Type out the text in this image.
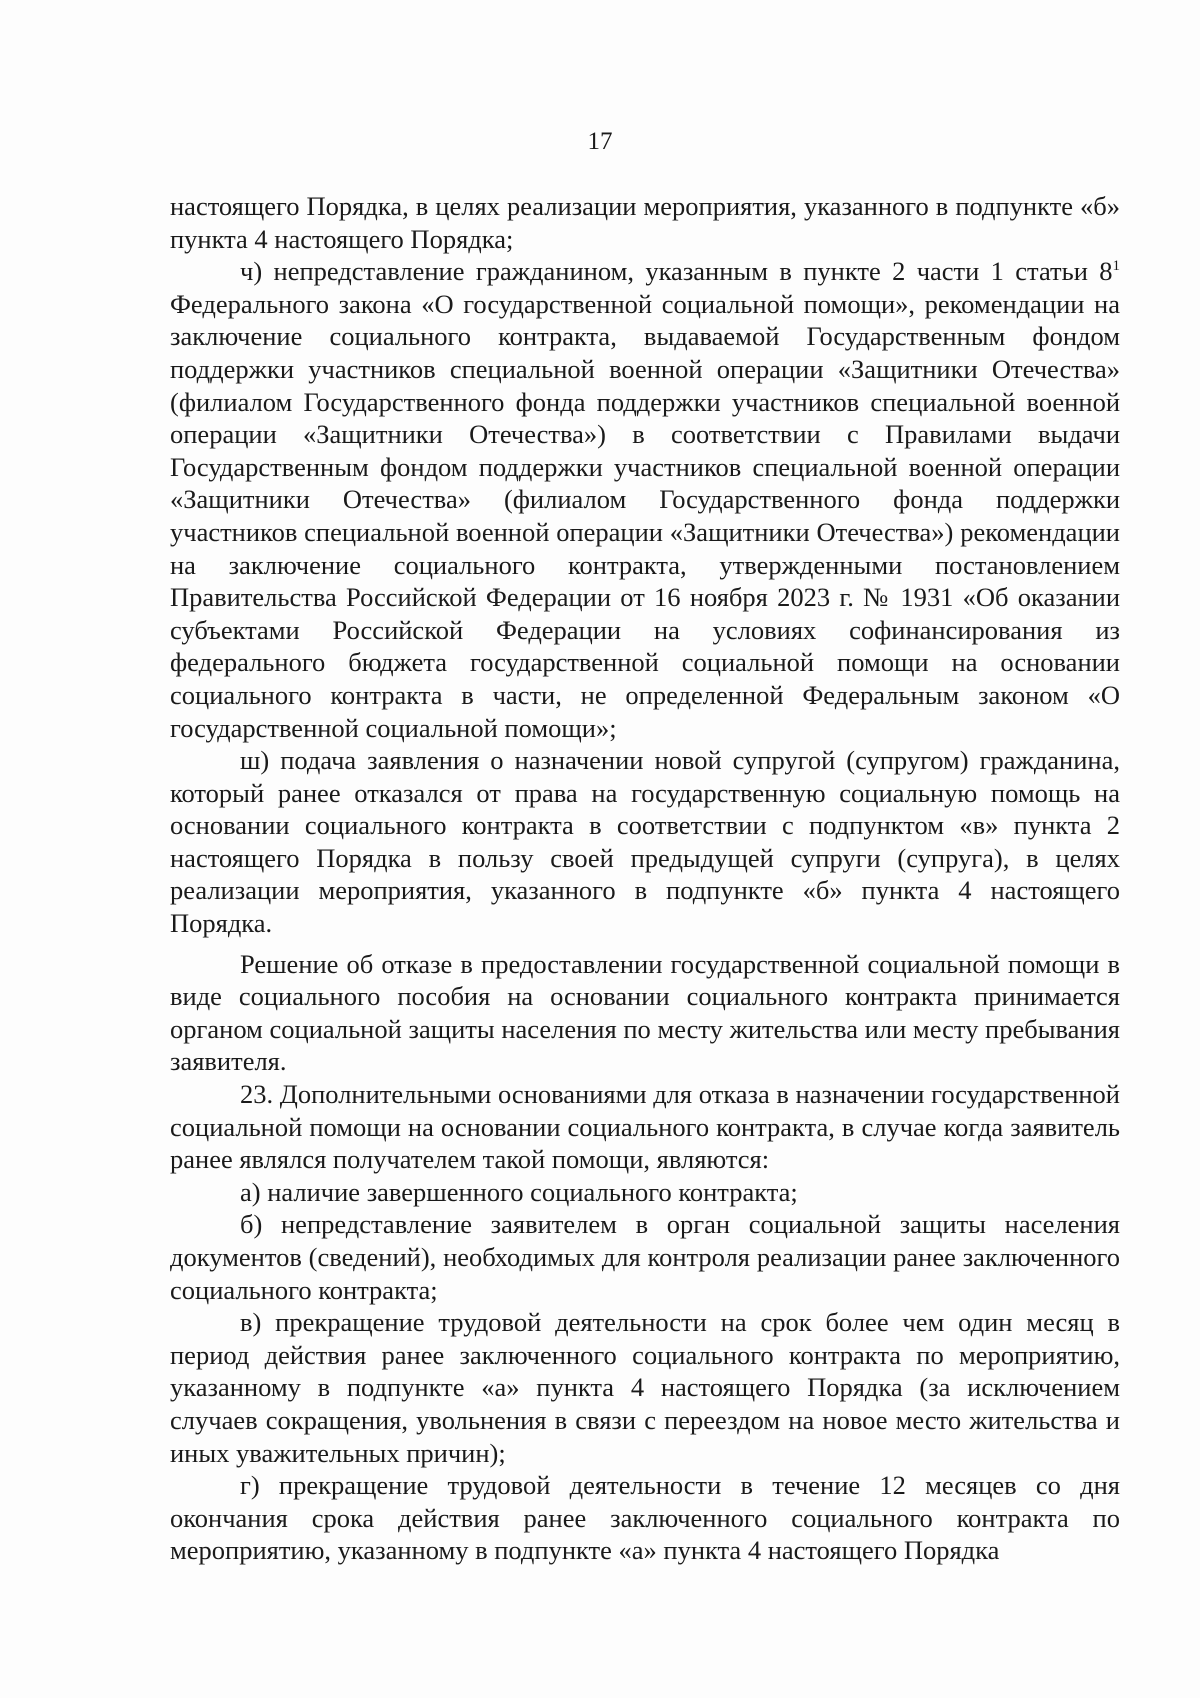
17

настоящего Порядка, в целях реализации мероприятия, указанного в подпункте «б» пункта 4 настоящего Порядка;

ч) непредставление гражданином, указанным в пункте 2 части 1 статьи $8^1$ Федерального закона «О государственной социальной помощи», рекомендации на заключение социального контракта, выдаваемой Государственным фондом поддержки участников специальной военной операции «Защитники Отечества» (филиалом Государственного фонда поддержки участников специальной военной операции «Защитники Отечества») в соответствии с Правилами выдачи Государственным фондом поддержки участников специальной военной операции «Защитники Отечества» (филиалом Государственного фонда поддержки участников специальной военной операции «Защитники Отечества») рекомендации на заключение социального контракта, утвержденными постановлением Правительства Российской Федерации от 16 ноября 2023 г. № 1931 «Об оказании субъектами Российской Федерации на условиях софинансирования из федерального бюджета государственной социальной помощи на основании социального контракта в части, не определенной Федеральным законом «О государственной социальной помощи»;

ш) подача заявления о назначении новой супругой (супругом) гражданина, который ранее отказался от права на государственную социальную помощь на основании социального контракта в соответствии с подпунктом «в» пункта 2 настоящего Порядка в пользу своей предыдущей супруги (супруга), в целях реализации мероприятия, указанного в подпункте «б» пункта 4 настоящего Порядка.

Решение об отказе в предоставлении государственной социальной помощи в виде социального пособия на основании социального контракта принимается органом социальной защиты населения по месту жительства или месту пребывания заявителя.

23. Дополнительными основаниями для отказа в назначении государственной социальной помощи на основании социального контракта, в случае когда заявитель ранее являлся получателем такой помощи, являются:

а) наличие завершенного социального контракта;

б) непредставление заявителем в орган социальной защиты населения документов (сведений), необходимых для контроля реализации ранее заключенного социального контракта;

в) прекращение трудовой деятельности на срок более чем один месяц в период действия ранее заключенного социального контракта по мероприятию, указанному в подпункте «а» пункта 4 настоящего Порядка (за исключением случаев сокращения, увольнения в связи с переездом на новое место жительства и иных уважительных причин);

г) прекращение трудовой деятельности в течение 12 месяцев со дня окончания срока действия ранее заключенного социального контракта по мероприятию, указанному в подпункте «а» пункта 4 настоящего Порядка
